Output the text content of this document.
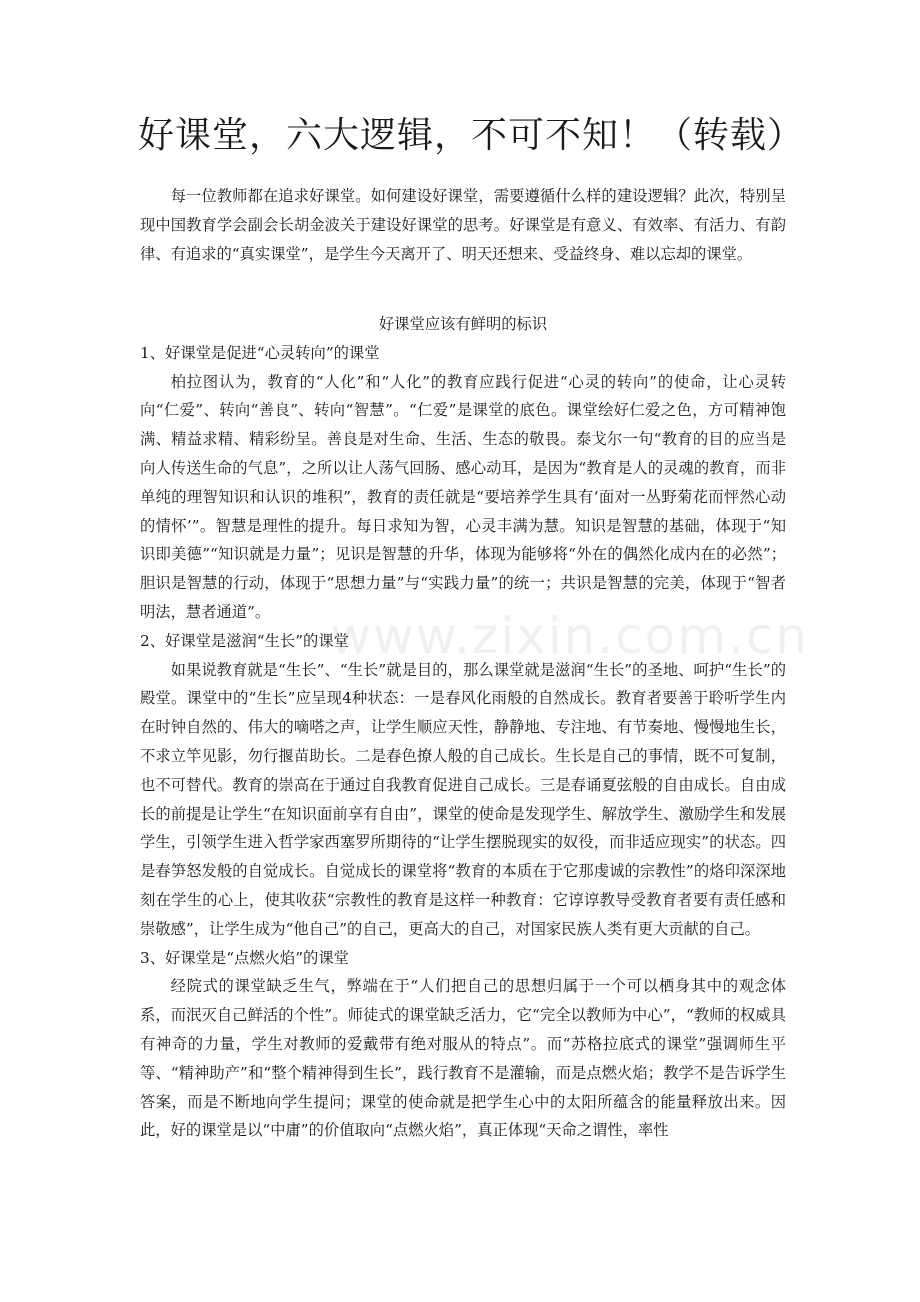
好课堂，六大逻辑，不可不知！（转载）

每一位教师都在追求好课堂。如何建设好课堂，需要遵循什么样的建设逻辑？此次，特别呈现中国教育学会副会长胡金波关于建设好课堂的思考。好课堂是有意义、有效率、有活力、有韵律、有追求的“真实课堂”，是学生今天离开了、明天还想来、受益终身、难以忘却的课堂。

好课堂应该有鲜明的标识

1、好课堂是促进“心灵转向”的课堂

柏拉图认为，教育的“人化”和“人化”的教育应践行促进“心灵的转向”的使命，让心灵转向“仁爱”、转向“善良”、转向“智慧”。“仁爱”是课堂的底色。课堂绘好仁爱之色，方可精神饱满、精益求精、精彩纷呈。善良是对生命、生活、生态的敬畏。泰戈尔一句“教育的目的应当是向人传送生命的气息”，之所以让人荡气回肠、感心动耳，是因为“教育是人的灵魂的教育，而非单纯的理智知识和认识的堆积”，教育的责任就是“要培养学生具有‘面对一丛野菊花而怦然心动的情怀’”。智慧是理性的提升。每日求知为智，心灵丰满为慧。知识是智慧的基础，体现于“知识即美德”“知识就是力量”；见识是智慧的升华，体现为能够将“外在的偶然化成内在的必然”；胆识是智慧的行动，体现于“思想力量”与“实践力量”的统一；共识是智慧的完美，体现于“智者明法，慧者通道”。

2、好课堂是滋润“生长”的课堂

如果说教育就是“生长”、“生长”就是目的，那么课堂就是滋润“生长”的圣地、呵护“生长”的殿堂。课堂中的“生长”应呈现4种状态：一是春风化雨般的自然成长。教育者要善于聆听学生内在时钟自然的、伟大的嘀嗒之声，让学生顺应天性，静静地、专注地、有节奏地、慢慢地生长，不求立竿见影，勿行揠苗助长。二是春色撩人般的自己成长。生长是自己的事情，既不可复制，也不可替代。教育的崇高在于通过自我教育促进自己成长。三是春诵夏弦般的自由成长。自由成长的前提是让学生“在知识面前享有自由”，课堂的使命是发现学生、解放学生、激励学生和发展学生，引领学生进入哲学家西塞罗所期待的“让学生摆脱现实的奴役，而非适应现实”的状态。四是春笋怒发般的自觉成长。自觉成长的课堂将“教育的本质在于它那虔诚的宗教性”的烙印深深地刻在学生的心上，使其收获“宗教性的教育是这样一种教育：它谆谆教导受教育者要有责任感和崇敬感”，让学生成为“他自己”的自己，更高大的自己，对国家民族人类有更大贡献的自己。

3、好课堂是“点燃火焰”的课堂

经院式的课堂缺乏生气，弊端在于“人们把自己的思想归属于一个可以栖身其中的观念体系，而泯灭自己鲜活的个性”。师徒式的课堂缺乏活力，它“完全以教师为中心”，“教师的权威具有神奇的力量，学生对教师的爱戴带有绝对服从的特点”。而“苏格拉底式的课堂”强调师生平等、“精神助产”和“整个精神得到生长”，践行教育不是灌输，而是点燃火焰；教学不是告诉学生答案，而是不断地向学生提问；课堂的使命就是把学生心中的太阳所蕴含的能量释放出来。因此，好的课堂是以“中庸”的价值取向“点燃火焰”，真正体现“天命之谓性，率性

www.zixin.com.cn
